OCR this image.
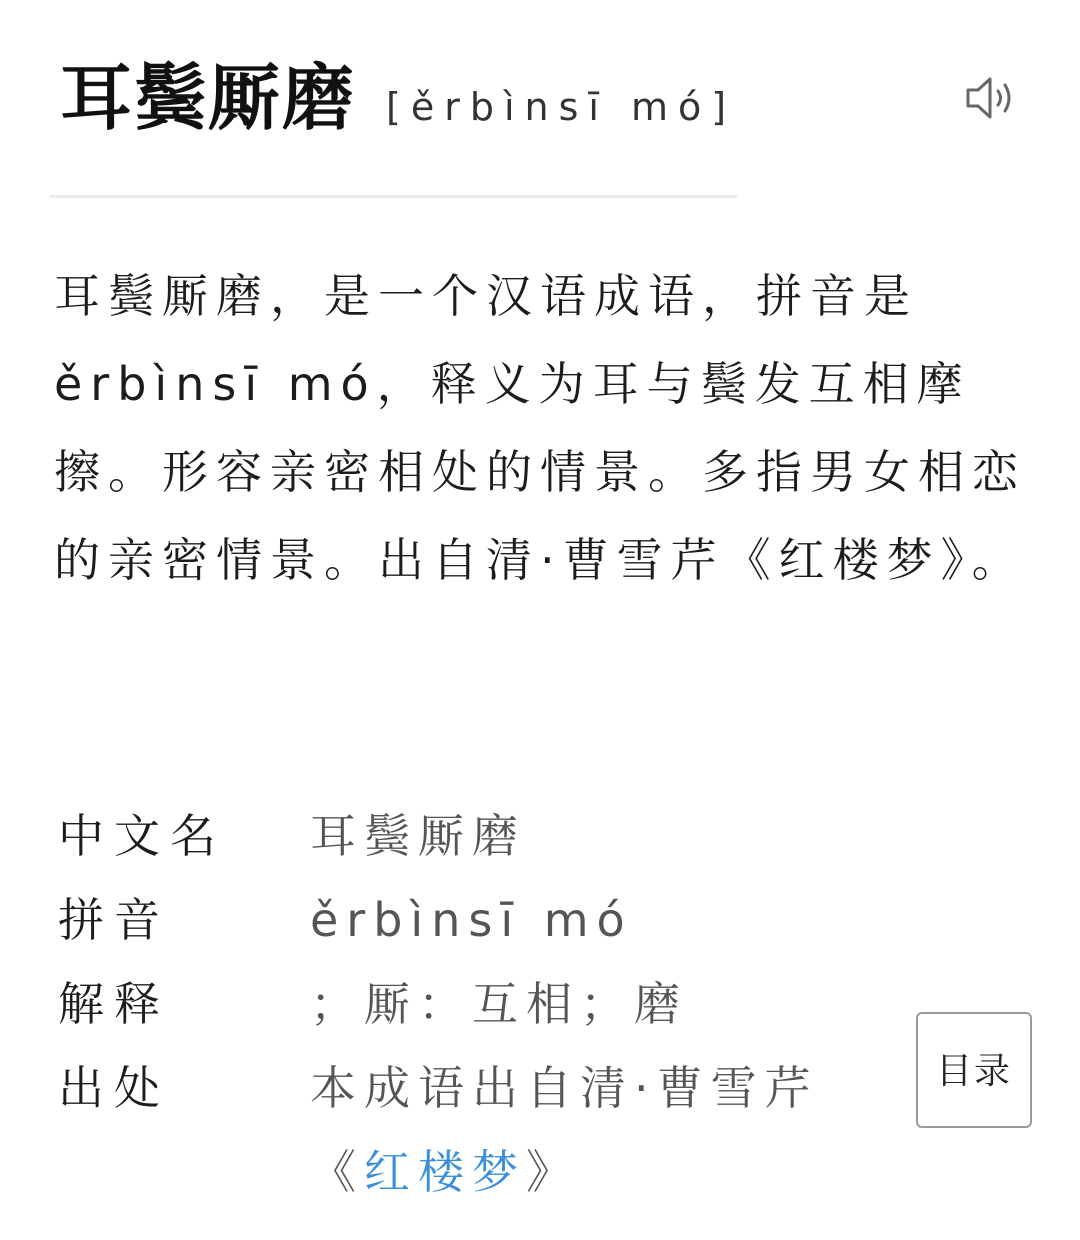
耳鬓厮磨 [ěrbìnsī mó]

耳鬓厮磨，是一个汉语成语，拼音是ěrbìnsī mó，释义为耳与鬓发互相摩擦。形容亲密相处的情景。多指男女相恋的亲密情景。出自清·曹雪芹《红楼梦》。

中文名	耳鬓厮磨
拼音	ěrbìnsī mó
解释	；厮：互相；磨
出处	本成语出自清·曹雪芹《红楼梦》
目录
